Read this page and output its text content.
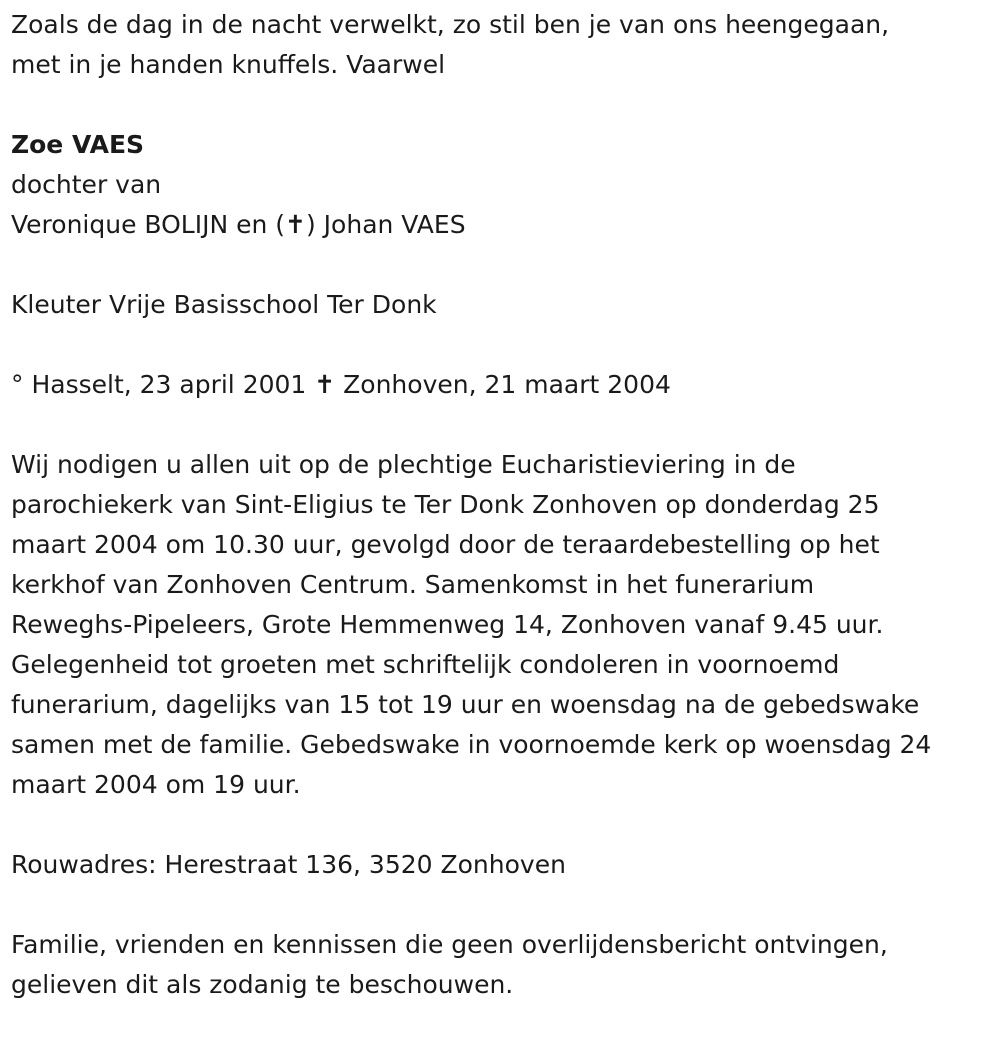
Zoals de dag in de nacht verwelkt, zo stil ben je van ons heengegaan,
met in je handen knuffels. Vaarwel
Zoe VAES
dochter van
Veronique BOLIJN en (✝) Johan VAES
Kleuter Vrije Basisschool Ter Donk
° Hasselt, 23 april 2001 ✝ Zonhoven, 21 maart 2004
Wij nodigen u allen uit op de plechtige Eucharistieviering in de
parochiekerk van Sint-Eligius te Ter Donk Zonhoven op donderdag 25
maart 2004 om 10.30 uur, gevolgd door de teraardebestelling op het
kerkhof van Zonhoven Centrum. Samenkomst in het funerarium
Reweghs-Pipeleers, Grote Hemmenweg 14, Zonhoven vanaf 9.45 uur.
Gelegenheid tot groeten met schriftelijk condoleren in voornoemd
funerarium, dagelijks van 15 tot 19 uur en woensdag na de gebedswake
samen met de familie. Gebedswake in voornoemde kerk op woensdag 24
maart 2004 om 19 uur.
Rouwadres: Herestraat 136, 3520 Zonhoven
Familie, vrienden en kennissen die geen overlijdensbericht ontvingen,
gelieven dit als zodanig te beschouwen.
